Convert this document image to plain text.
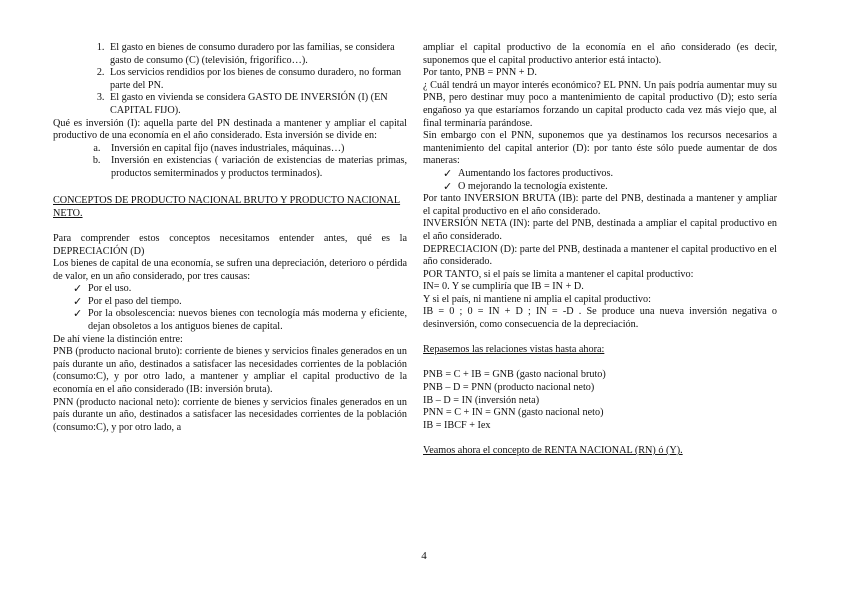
1. El gasto en bienes de consumo duradero por las familias, se considera gasto de consumo (C) (televisión, frigorífico…).
2. Los servicios rendidios por los bienes de consumo duradero, no forman parte del PN.
3. El gasto en vivienda se considera GASTO DE INVERSIÓN (I) (EN CAPITAL FIJO).

Qué es inversión (I): aquella parte del PN destinada a mantener y ampliar el capital productivo de una economía en el año considerado. Esta inversión se divide en:

a. Inversión en capital fijo (naves industriales, máquinas…)
b. Inversión en existencias ( variación de existencias de materias primas, productos semiterminados y productos terminados).

CONCEPTOS DE PRODUCTO NACIONAL BRUTO Y PRODUCTO NACIONAL NETO.

Para comprender estos conceptos necesitamos entender antes, qué es la DEPRECIACIÓN (D)

Los bienes de capital de una economía, se sufren una depreciación, deterioro o pérdida de valor, en un año considerado, por tres causas:

✓ Por el uso.
✓ Por el paso del tiempo.
✓ Por la obsolescencia: nuevos bienes con tecnología más moderna y eficiente, dejan obsoletos a los antiguos bienes de capital.

De ahí viene la distinción entre:

PNB (producto nacional bruto): corriente de bienes y servicios finales generados en un país durante un año, destinados a satisfacer las necesidades corrientes de la población (consumo:C), y por otro lado, a mantener y ampliar el capital productivo de la economía en el año considerado (IB: inversión bruta).

PNN (producto nacional neto): corriente de bienes y servicios finales generados en un país durante un año, destinados a satisfacer las necesidades corrientes de la población (consumo:C), y por otro lado, a

ampliar el capital productivo de la economía en el año considerado (es decir, suponemos que el capital productivo anterior está intacto).

Por tanto, PNB = PNN + D.

¿ Cuál tendrá un mayor interés económico? EL PNN. Un país podría aumentar muy su PNB, pero destinar muy poco a mantenimiento de capital productivo (D); esto sería engañoso ya que estaríamos forzando un capital producto cada vez más viejo que, al final terminaría parándose.

Sin embargo con el PNN, suponemos que ya destinamos los recursos necesarios a mantenimiento del capital anterior (D): por tanto éste sólo puede aumentar de dos maneras:

✓ Aumentando los factores productivos.
✓ O mejorando la tecnología existente.

Por tanto INVERSION BRUTA (IB): parte del PNB, destinada a mantener y ampliar el capital productivo en el año considerado.

INVERSIÓN NETA (IN): parte del PNB, destinada a ampliar el capital productivo en el año considerado.

DEPRECIACION (D): parte del PNB, destinada a mantener el capital productivo en el año considerado.

POR TANTO, si el país se limita a mantener el capital productivo:

IN= 0. Y se cumpliría que IB = IN + D.

Y si el país, ni mantiene ni amplia el capital productivo:

IB = 0 ; 0 = IN + D ; IN = -D . Se produce una nueva inversión negativa o desinversión, como consecuencia de la depreciación.

Repasemos las relaciones vistas hasta ahora:

PNB = C + IB = GNB (gasto nacional bruto)

PNB – D = PNN (producto nacional neto)

IB – D = IN (inversión neta)

PNN = C + IN = GNN (gasto nacional neto)

IB = IBCF + Iex

Veamos ahora el concepto de RENTA NACIONAL (RN) ó (Y).

4
